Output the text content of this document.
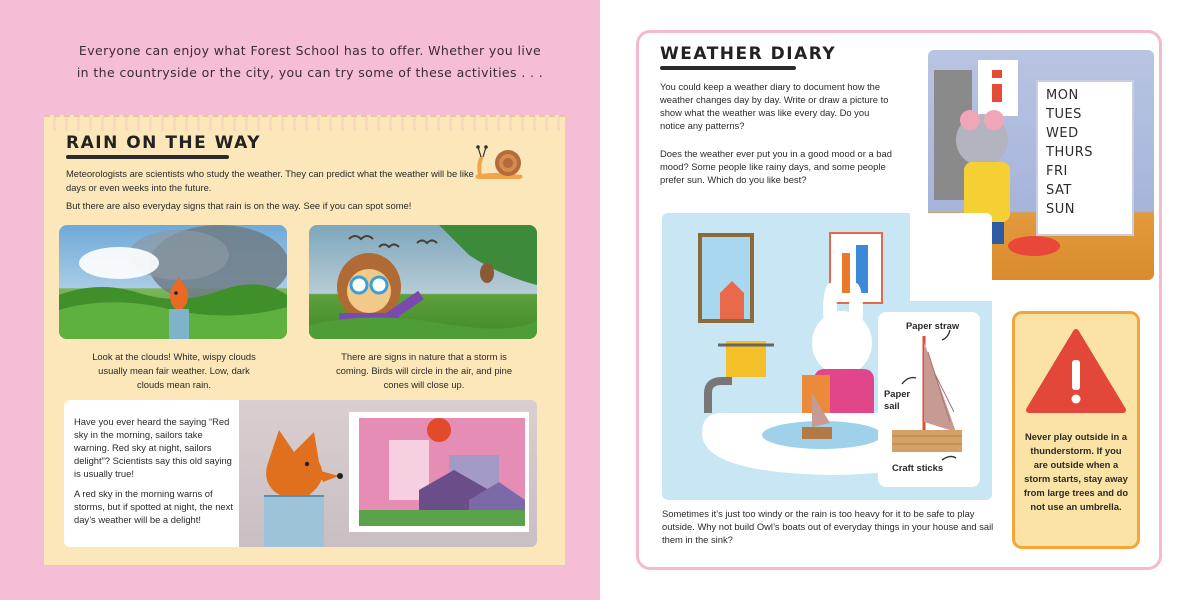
Everyone can enjoy what Forest School has to offer. Whether you live
in the countryside or the city, you can try some of these activities . . .
RAIN ON THE WAY

Meteorologists are scientists who study the weather. They can predict what the weather will be like days or even weeks into the future.

But there are also everyday signs that rain is on the way. See if you can spot some!

Look at the clouds! White, wispy clouds usually mean fair weather. Low, dark clouds mean rain.

There are signs in nature that a storm is coming. Birds will circle in the air, and pine cones will close up.

Have you ever heard the saying “Red sky in the morning, sailors take warning. Red sky at night, sailors delight”? Scientists say this old saying is usually true!

A red sky in the morning warns of storms, but if spotted at night, the next day’s weather will be a delight!

WEATHER DIARY

You could keep a weather diary to document how the weather changes day by day. Write or draw a picture to show what the weather was like every day. Do you notice any patterns?

Does the weather ever put you in a good mood or a bad mood? Some people like rainy days, and some people prefer sun. Which do you like best?

MON
TUES
WED
THURS
FRI
SAT
SUN
Paper straw
Paper sail
Craft sticks

Never play outside in a thunderstorm. If you are outside when a storm starts, stay away from large trees and do not use an umbrella.

Sometimes it’s just too windy or the rain is too heavy for it to be safe to play outside. Why not build Owl’s boats out of everyday things in your house and sail them in the sink?
